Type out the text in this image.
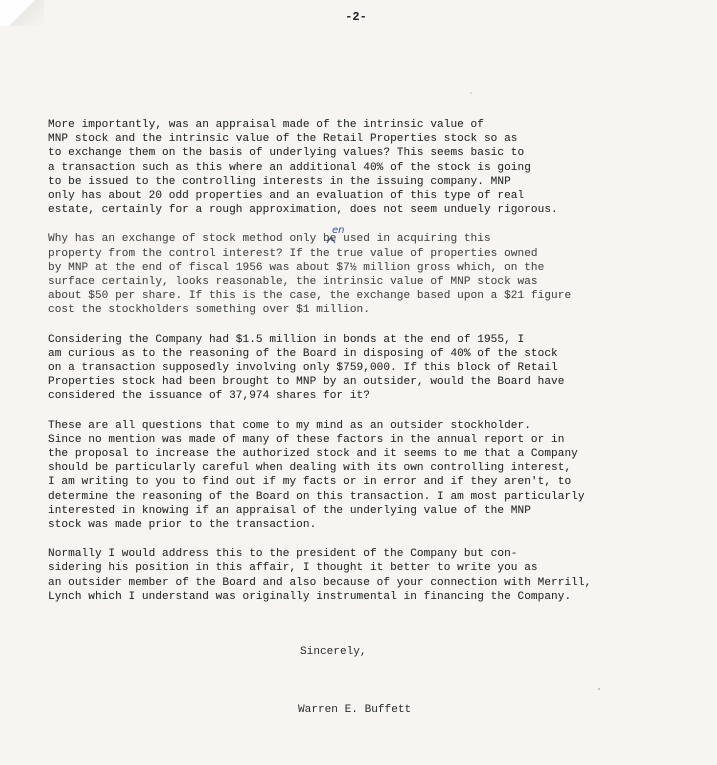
-2-
en
More importantly, was an appraisal made of the intrinsic value of
MNP stock and the intrinsic value of the Retail Properties stock so as
to exchange them on the basis of underlying values? This seems basic to
a transaction such as this where an additional 40% of the stock is going
to be issued to the controlling interests in the issuing company. MNP
only has about 20 odd properties and an evaluation of this type of real
estate, certainly for a rough approximation, does not seem unduely rigorous.
Why has an exchange of stock method only be used in acquiring this
property from the control interest? If the true value of properties owned
by MNP at the end of fiscal 1956 was about $7½ million gross which, on the
surface certainly, looks reasonable, the intrinsic value of MNP stock was
about $50 per share. If this is the case, the exchange based upon a $21 figure
cost the stockholders something over $1 million.
Considering the Company had $1.5 million in bonds at the end of 1955, I
am curious as to the reasoning of the Board in disposing of 40% of the stock
on a transaction supposedly involving only $759,000. If this block of Retail
Properties stock had been brought to MNP by an outsider, would the Board have
considered the issuance of 37,974 shares for it?
These are all questions that come to my mind as an outsider stockholder.
Since no mention was made of many of these factors in the annual report or in
the proposal to increase the authorized stock and it seems to me that a Company
should be particularly careful when dealing with its own controlling interest,
I am writing to you to find out if my facts or in error and if they aren't, to
determine the reasoning of the Board on this transaction. I am most particularly
interested in knowing if an appraisal of the underlying value of the MNP
stock was made prior to the transaction.
Normally I would address this to the president of the Company but con-
sidering his position in this affair, I thought it better to write you as
an outsider member of the Board and also because of your connection with Merrill,
Lynch which I understand was originally instrumental in financing the Company.
Sincerely,
Warren E. Buffett
